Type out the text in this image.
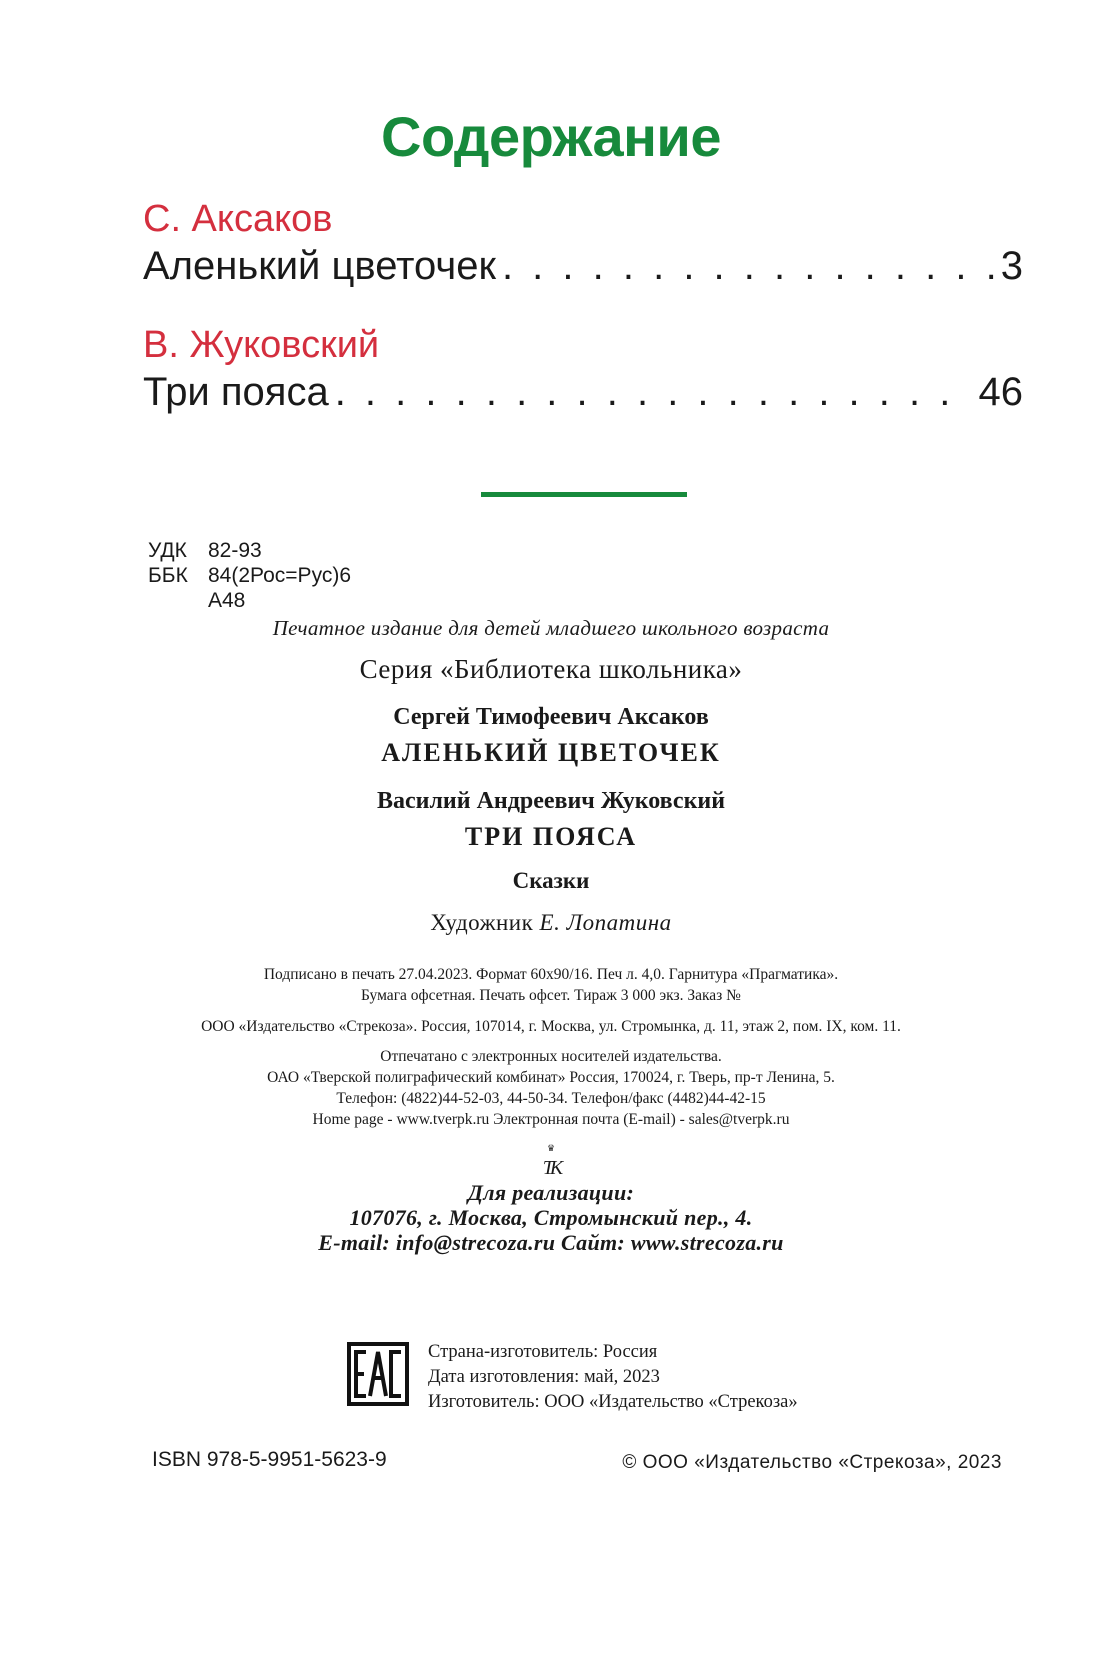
Содержание
С. Аксаков
Аленький цветочек . . .	3
В. Жуковский
Три пояса . . .	46
УДК	82-93
ББК 84(2Рос=Рус)6
А48
Печатное издание для детей младшего школьного возраста
Серия «Библиотека школьника»
Сергей Тимофеевич Аксаков
АЛЕНЬКИЙ ЦВЕТОЧЕК
Василий Андреевич Жуковский
ТРИ ПОЯСА
Сказки
Художник Е. Лопатина
Подписано в печать 27.04.2023. Формат 60х90/16. Печ л. 4,0. Гарнитура «Прагматика».
Бумага офсетная. Печать офсет. Тираж 3 000 экз. Заказ №
ООО «Издательство «Стрекоза». Россия, 107014, г. Москва, ул. Стромынка, д. 11, этаж 2, пом. IX, ком. 11.
Отпечатано с электронных носителей издательства.
ОАО «Тверской полиграфический комбинат» Россия, 170024, г. Тверь, пр-т Ленина, 5.
Телефон: (4822)44-52-03, 44-50-34. Телефон/факс (4482)44-42-15
Home page - www.tverpk.ru Электронная почта (E-mail) - sales@tverpk.ru
♛
ТК
Для реализации:
107076, г. Москва, Стромынский пер., 4.
E-mail: info@strecoza.ru Сайт: www.strecoza.ru
Страна-изготовитель: Россия
Дата изготовления: май, 2023
Изготовитель: ООО «Издательство «Стрекоза»
ISBN 978-5-9951-5623-9	© ООО «Издательство «Стрекоза», 2023
